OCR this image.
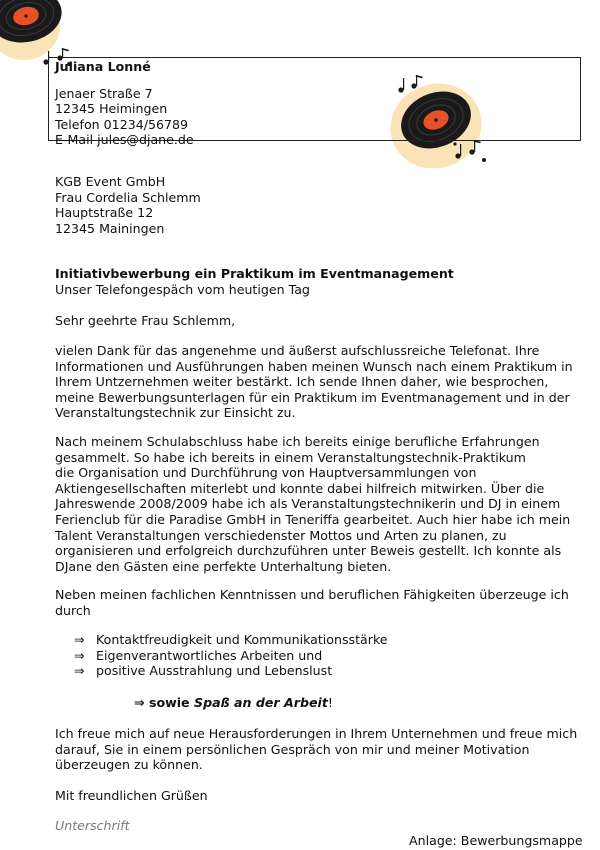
Juliana Lonné
Jenaer Straße 7
12345 Heimingen
Telefon 01234/56789
E-Mail jules@djane.de
KGB Event GmbH
Frau Cordelia Schlemm
Hauptstraße 12
12345 Mainingen
Initiativbewerbung ein Praktikum im Eventmanagement
Unser Telefongespäch vom heutigen Tag
Sehr geehrte Frau Schlemm,
vielen Dank für das angenehme und äußerst aufschlussreiche Telefonat. Ihre
Informationen und Ausführungen haben meinen Wunsch nach einem Praktikum in
Ihrem Untzernehmen weiter bestärkt. Ich sende Ihnen daher, wie besprochen,
meine Bewerbungsunterlagen für ein Praktikum im Eventmanagement und in der
Veranstaltungstechnik zur Einsicht zu.
Nach meinem Schulabschluss habe ich bereits einige berufliche Erfahrungen
gesammelt. So habe ich bereits in einem Veranstaltungstechnik-Praktikum
die Organisation und Durchführung von Hauptversammlungen von
Aktiengesellschaften miterlebt und konnte dabei hilfreich mitwirken. Über die
Jahreswende 2008/2009 habe ich als Veranstaltungstechnikerin und DJ in einem
Ferienclub für die Paradise GmbH in Teneriffa gearbeitet. Auch hier habe ich mein
Talent Veranstaltungen verschiedenster Mottos und Arten zu planen, zu
organisieren und erfolgreich durchzuführen unter Beweis gestellt. Ich konnte als
DJane den Gästen eine perfekte Unterhaltung bieten.
Neben meinen fachlichen Kenntnissen und beruflichen Fähigkeiten überzeuge ich
durch
⇒ Kontaktfreudigkeit und Kommunikationsstärke
⇒ Eigenverantwortliches Arbeiten und
⇒ positive Ausstrahlung und Lebenslust
⇒ sowie Spaß an der Arbeit!
Ich freue mich auf neue Herausforderungen in Ihrem Unternehmen und freue mich
darauf, Sie in einem persönlichen Gespräch von mir und meiner Motivation
überzeugen zu können.
Mit freundlichen Grüßen
Unterschrift
Anlage: Bewerbungsmappe
